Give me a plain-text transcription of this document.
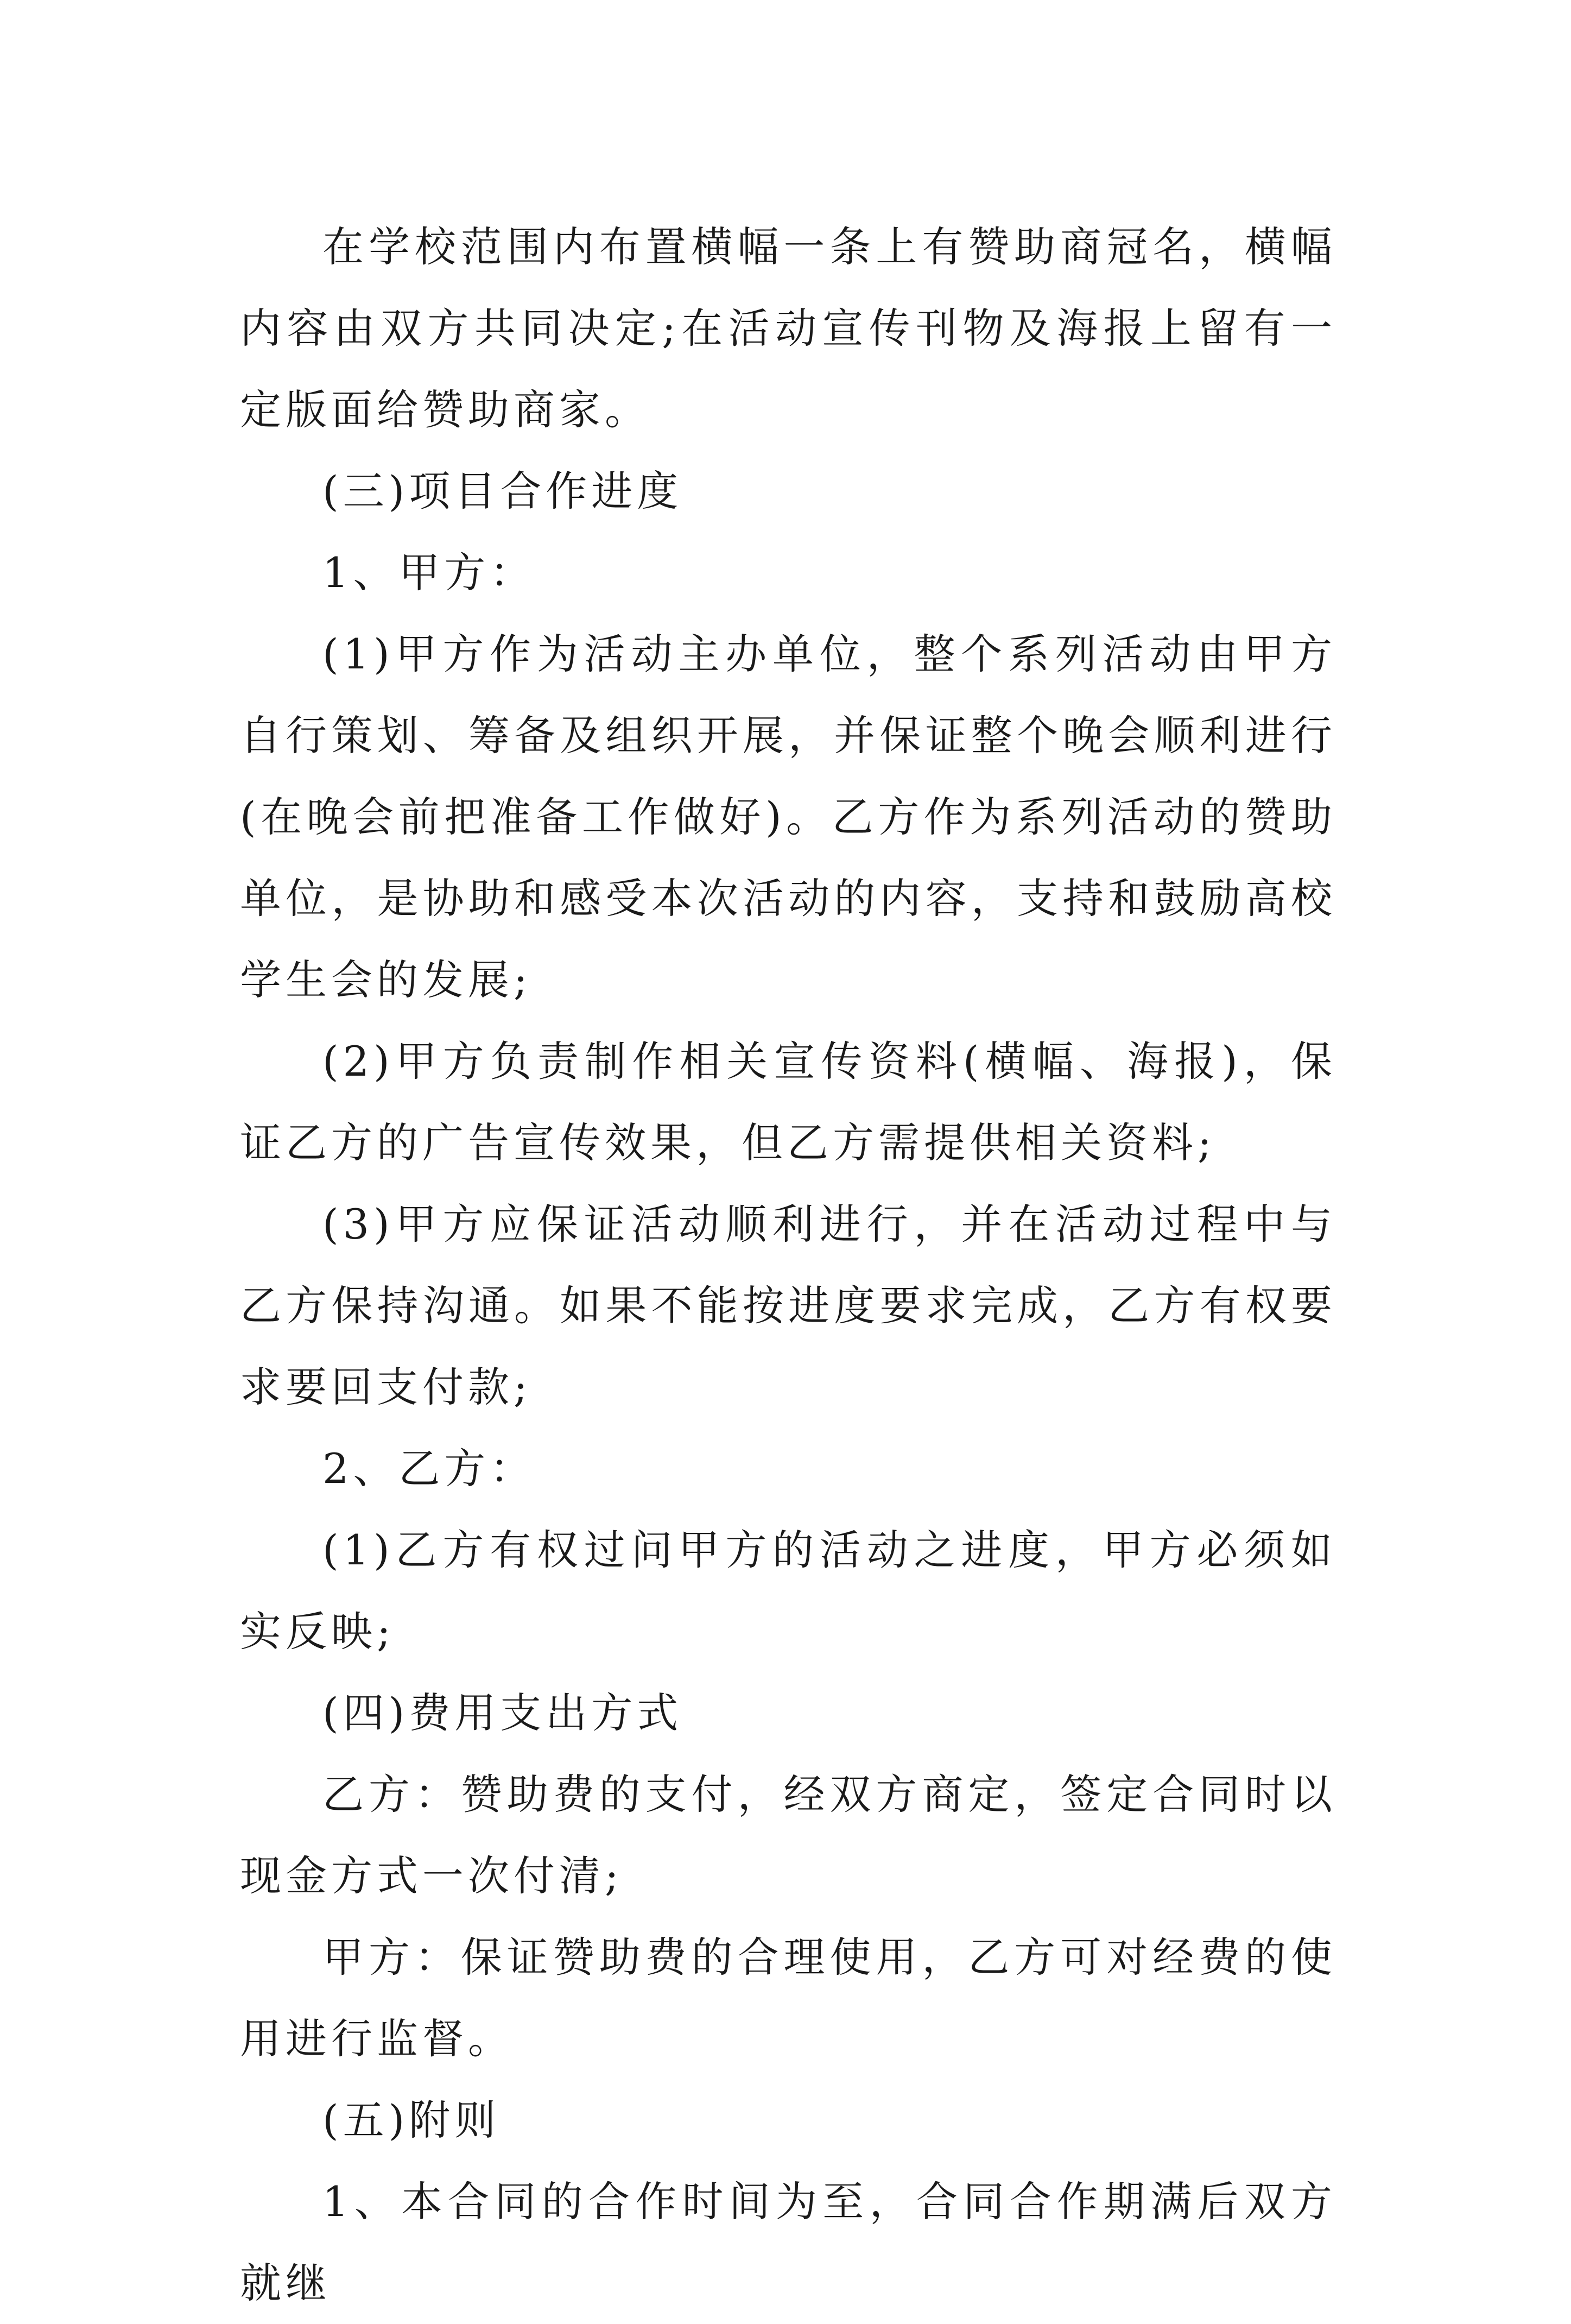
在学校范围内布置横幅一条上有赞助商冠名，横幅内容由双方共同决定;在活动宣传刊物及海报上留有一定版面给赞助商家。

(三)项目合作进度

1、甲方：

(1)甲方作为活动主办单位，整个系列活动由甲方自行策划、筹备及组织开展，并保证整个晚会顺利进行(在晚会前把准备工作做好)。乙方作为系列活动的赞助单位，是协助和感受本次活动的内容，支持和鼓励高校学生会的发展;

(2)甲方负责制作相关宣传资料(横幅、海报)，保证乙方的广告宣传效果，但乙方需提供相关资料;

(3)甲方应保证活动顺利进行，并在活动过程中与乙方保持沟通。如果不能按进度要求完成，乙方有权要求要回支付款;

2、乙方：

(1)乙方有权过问甲方的活动之进度，甲方必须如实反映;

(四)费用支出方式

乙方：赞助费的支付，经双方商定，签定合同时以现金方式一次付清;

甲方：保证赞助费的合理使用，乙方可对经费的使用进行监督。

(五)附则

1、本合同的合作时间为至，合同合作期满后双方就继
